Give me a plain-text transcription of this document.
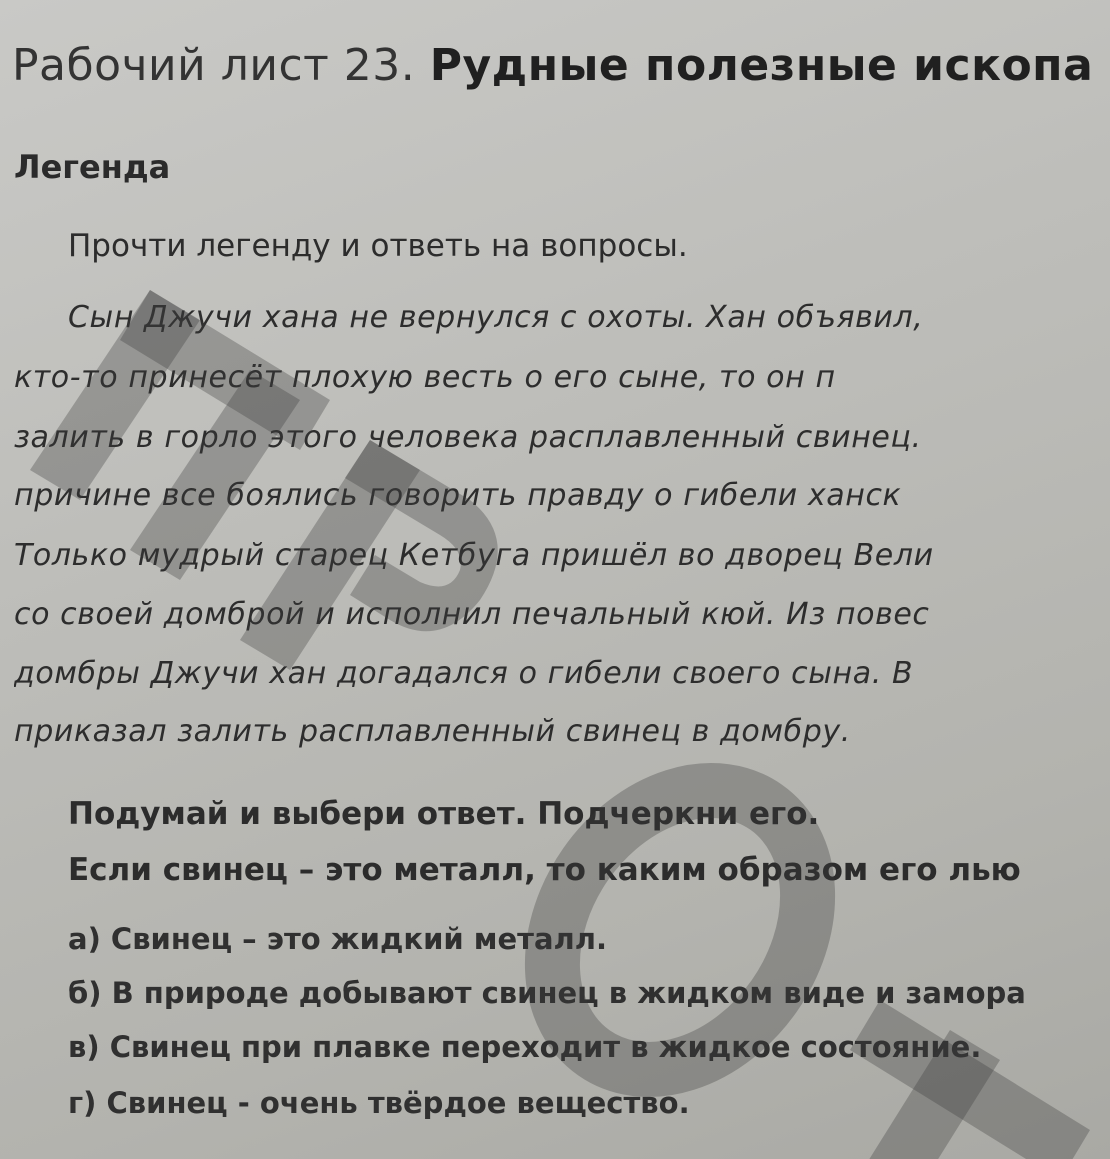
Рабочий лист 23. Рудные полезные ископа
Легенда
Прочти легенду и ответь на вопросы.
Сын Джучи хана не вернулся с охоты. Хан объявил,
кто-то принесёт плохую весть о его сыне, то он п
залить в горло этого человека расплавленный свинец.
причине все боялись говорить правду о гибели ханск
Только мудрый старец Кетбуга пришёл во дворец Вели
со своей домброй и исполнил печальный кюй. Из повес
домбры Джучи хан догадался о гибели своего сына. В
приказал залить расплавленный свинец в домбру.
Подумай и выбери ответ. Подчеркни его.
Если свинец – это металл, то каким образом его лью
а) Свинец – это жидкий металл.
б) В природе добывают свинец в жидком виде и замора
в) Свинец при плавке переходит в жидкое состояние.
г) Свинец - очень твёрдое вещество.
